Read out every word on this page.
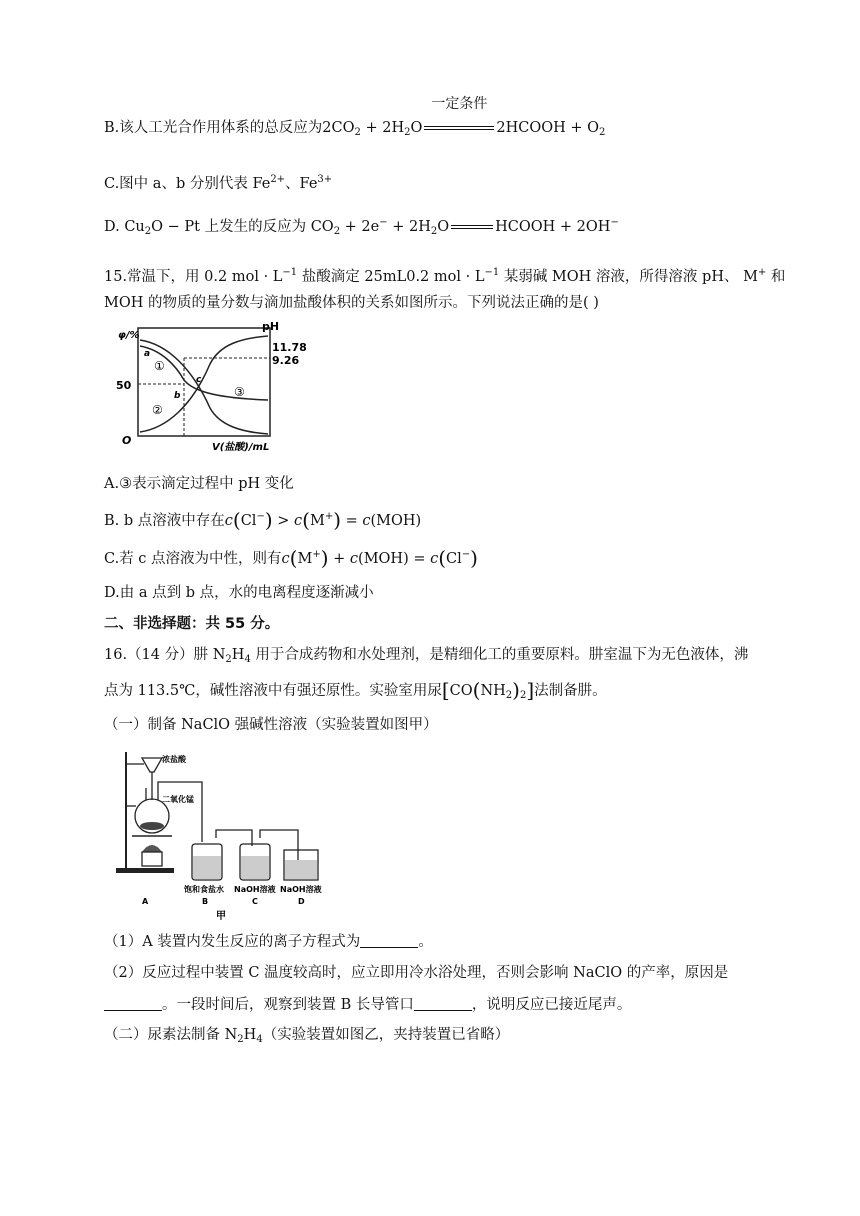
B.该人工光合作用体系的总反应为$2CO_2 + 2H_2O$
一定条件
2HCOOH + $O_2$
C.图中 a、b 分别代表 $Fe^{2+}$、$Fe^{3+}$
D. $Cu_2O - Pt$ 上发生的反应为 $CO_2 + 2e^- + 2H_2O$	HCOOH + 2OH−
15.常温下，用 0.2 mol · $L^{-1}$ 盐酸滴定 25mL0.2 mol · $L^{-1}$ 某弱碱 MOH 溶液，所得溶液 pH、 M+ 和
MOH 的物质的量分数与滴加盐酸体积的关系如图所示。下列说法正确的是( )
φ/%
pH
11.78
9.26
50
O
V(盐酸)/mL
①
②
③
a
b
c
A.③表示滴定过程中 pH 变化
B. b 点溶液中存在c(Cl−) > c(M+) = c(MOH)
C.若 c 点溶液为中性，则有c(M+) + c(MOH) = c(Cl−)
D.由 a 点到 b 点，水的电离程度逐渐减小
二、非选择题：共 55 分。
16.（14 分）肼 $N_2H_4$ 用于合成药物和水处理剂，是精细化工的重要原料。肼室温下为无色液体，沸
点为 113.5℃，碱性溶液中有强还原性。实验室用尿$[CO(NH_2)_2]$法制备肼。
（一）制备 NaClO 强碱性溶液（实验装置如图甲）
浓盐酸
二氧化锰
饱和食盐水 NaOH溶液 NaOH溶液
A	B	C	D
甲
（1）A 装置内发生反应的离子方程式为	。
（2）反应过程中装置 C 温度较高时，应立即用冷水浴处理，否则会影响 NaClO 的产率，原因是
。一段时间后，观察到装置 B 长导管口	，说明反应已接近尾声。
（二）尿素法制备 $N_2H_4$（实验装置如图乙，夹持装置已省略）
